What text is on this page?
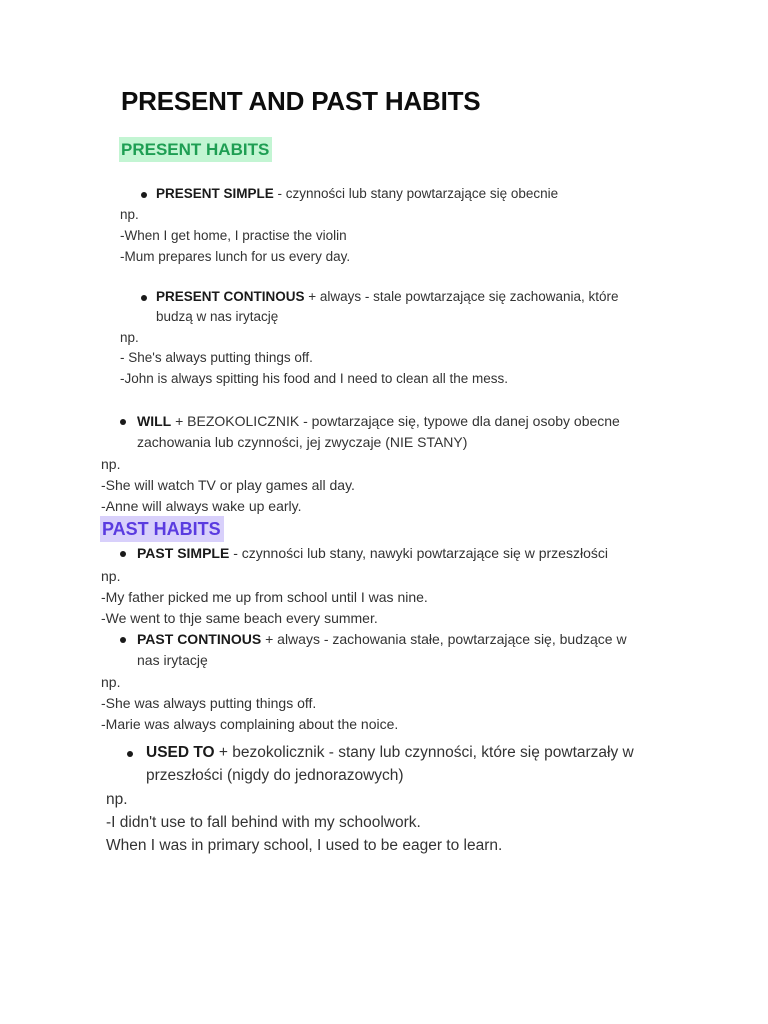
PRESENT AND PAST HABITS
PRESENT HABITS
PRESENT SIMPLE - czynności lub stany powtarzające się obecnie
np.
-When I get home, I practise the violin
-Mum prepares lunch for us every day.
PRESENT CONTINOUS + always - stale powtarzające się zachowania, które
budzą w nas irytację
np.
- She's always putting things off.
-John is always spitting his food and I need to clean all the mess.
WILL + BEZOKOLICZNIK - powtarzające się, typowe dla danej osoby obecne
zachowania lub czynności, jej zwyczaje (NIE STANY)
np.
-She will watch TV or play games all day.
-Anne will always wake up early.
PAST HABITS
PAST SIMPLE - czynności lub stany, nawyki powtarzające się w przeszłości
np.
-My father picked me up from school until I was nine.
-We went to thje same beach every summer.
PAST CONTINOUS + always - zachowania stałe, powtarzające się, budzące w
nas irytację
np.
-She was always putting things off.
-Marie was always complaining about the noice.
USED TO + bezokolicznik - stany lub czynności, które się powtarzały w
przeszłości (nigdy do jednorazowych)
np.
-I didn't use to fall behind with my schoolwork.
When I was in primary school, I used to be eager to learn.
